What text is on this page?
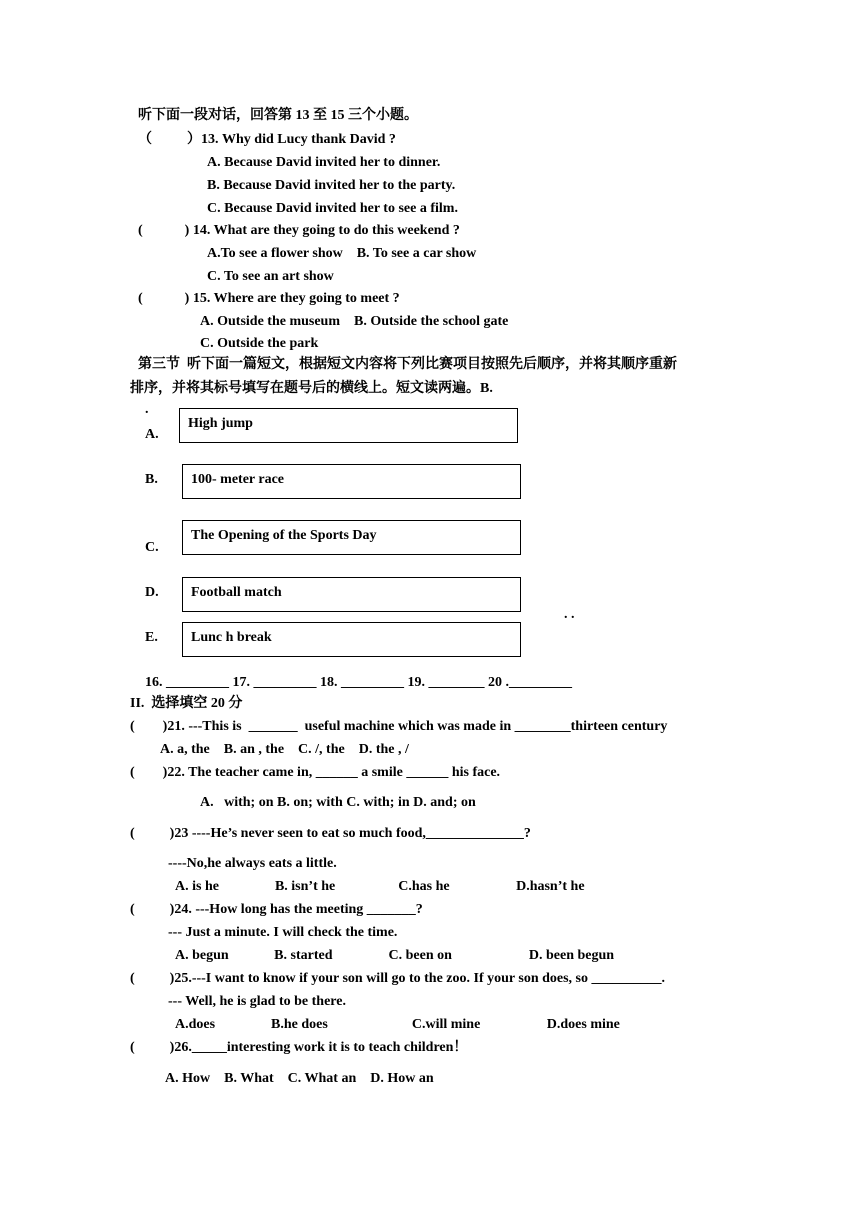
听下面一段对话，回答第 13 至 15 三个小题。
（          ）13. Why did Lucy thank David ?
A. Because David invited her to dinner.
B. Because David invited her to the party.
C. Because David invited her to see a film.
(            ) 14. What are they going to do this weekend ?
A.To see a flower show    B. To see a car show
C. To see an art show
(            ) 15. Where are they going to meet ?
A. Outside the museum    B. Outside the school gate
C. Outside the park
第三节  听下面一篇短文，根据短文内容将下列比赛项目按照先后顺序，并将其顺序重新
排序，并将其标号填写在题号后的横线上。短文读两遍。B.
.
A.
High jump
B.	100- meter race
C.
The Opening of the Sports Day
D.	Football match
E.	Lunc h break
. .
16. _________ 17. _________ 18. _________ 19. ________ 20 ._________
II.  选择填空 20 分
(        )21. ---This is  _______  useful machine which was made in ________thirteen century
A. a, the    B. an , the    C. /, the    D. the , /
(        )22. The teacher came in, ______ a smile ______ his face.
A.   with; on B. on; with C. with; in D. and; on
(          )23 ----He’s never seen to eat so much food,______________?
----No,he always eats a little.
A. is he                B. isn’t he                  C.has he                   D.hasn’t he
(          )24. ---How long has the meeting _______?
--- Just a minute. I will check the time.
A. begun             B. started                C. been on                      D. been begun
(          )25.---I want to know if your son will go to the zoo. If your son does, so __________.
--- Well, he is glad to be there.
A.does                B.he does                        C.will mine                   D.does mine
(          )26._____interesting work it is to teach children！
A. How    B. What    C. What an    D. How an
